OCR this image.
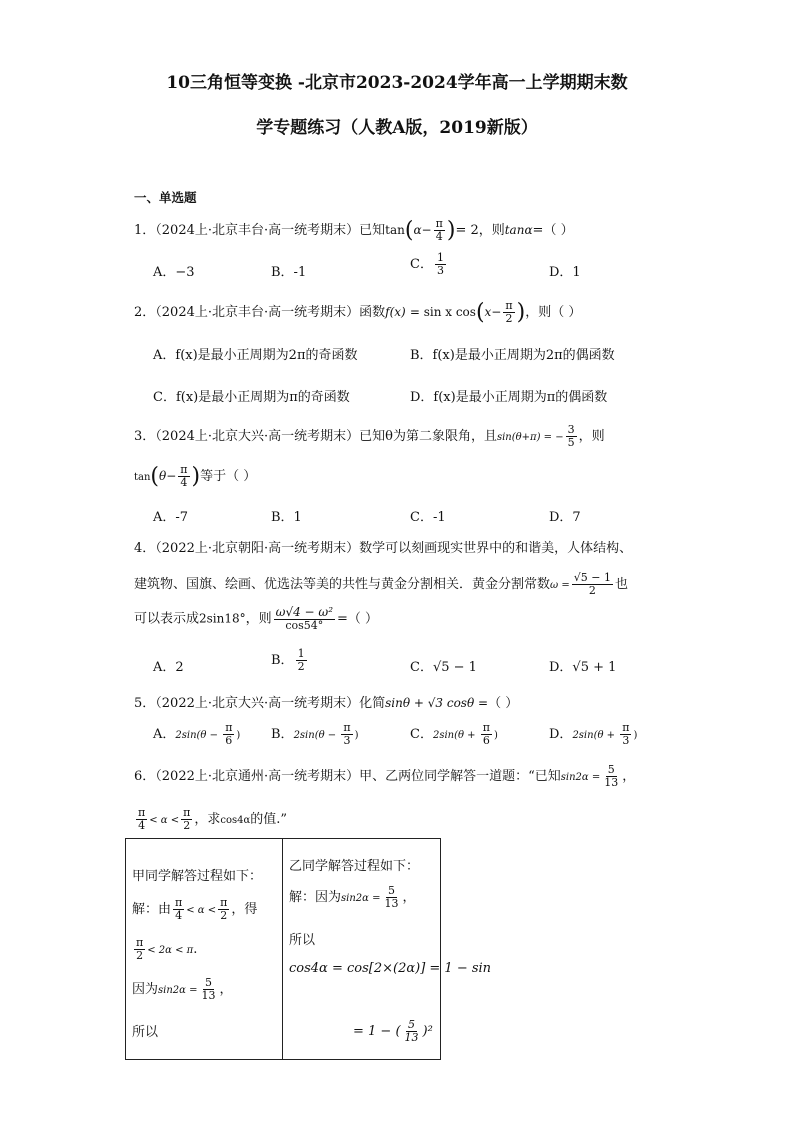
10三角恒等变换 -北京市2023-2024学年高一上学期期末数
学专题练习（人教A版，2019新版）
一、单选题
1．（2024上·北京丰台·高一统考期末）已知$\tan(\alpha- \frac{\pi}{4}$ )= 2，则tanα=（ ）
A．−3	B．-1
C． $\frac{1}{3}$	D．1
2．（2024上·北京丰台·高一统考期末）函数f(x) = sin x $\cos(x- \frac{\pi}{2}$ )，则（ ）
A．f(x)是最小正周期为2π的奇函数	B．f(x)是最小正周期为2π的偶函数
C．f(x)是最小正周期为π的奇函数	D．f(x)是最小正周期为π的偶函数
3．（2024上·北京大兴·高一统考期末）已知θ为第二象限角，且sin(θ+π) = − $\frac{3}{5}$ ，则
$\tan(\theta- \frac{\pi}{4}$ )等于（ ）
A．-7	B．1	C．-1	D．7
4．（2022上·北京朝阳·高一统考期末）数学可以刻画现实世界中的和谐美，人体结构、
建筑物、国旗、绘画、优选法等美的共性与黄金分割相关．黄金分割常数$\omega = \frac{√5 - 1}{2}$ 也
可以表示成2sin18°，则 $\frac{\text{ω√4 − ω²}}{\cos 54^\circ}$ =（ ）
A．2	B． $\frac{1}{2}$	C．√5 − 1	D．√5 + 1
5．（2022上·北京大兴·高一统考期末）化简sinθ + √3 cosθ =（ ）
A．$2\sin(\theta - \frac{\pi}{6}$ ) B．$2\sin(\theta - \frac{\pi}{3}$ )	C．$2\sin(\theta + \frac{\pi}{6}$ )	D．$2\sin(\theta + \frac{\pi}{3}$ )
6．（2022上·北京通州·高一统考期末）甲、乙两位同学解答一道题：“已知$\sin 2\alpha = \frac{5}{13}$ ，
$\frac{\pi}{4} < \alpha < \frac{\pi}{2}$ ，求cos4α的值.”
甲同学解答过程如下：
解：由 $\frac{\pi}{4} < \alpha < \frac{\pi}{2}$ ，得
$\frac{\pi}{2} < 2\alpha < \pi$.
因为$\sin 2\alpha = \frac{5}{13}$ ，
所以

乙同学解答过程如下：
解：因为$\sin 2\alpha = \frac{5}{13}$ ，
所以
cos4α = cos[2×(2α)] = 1 − sin
= 1 − ( $\frac{5}{13} )^2$
